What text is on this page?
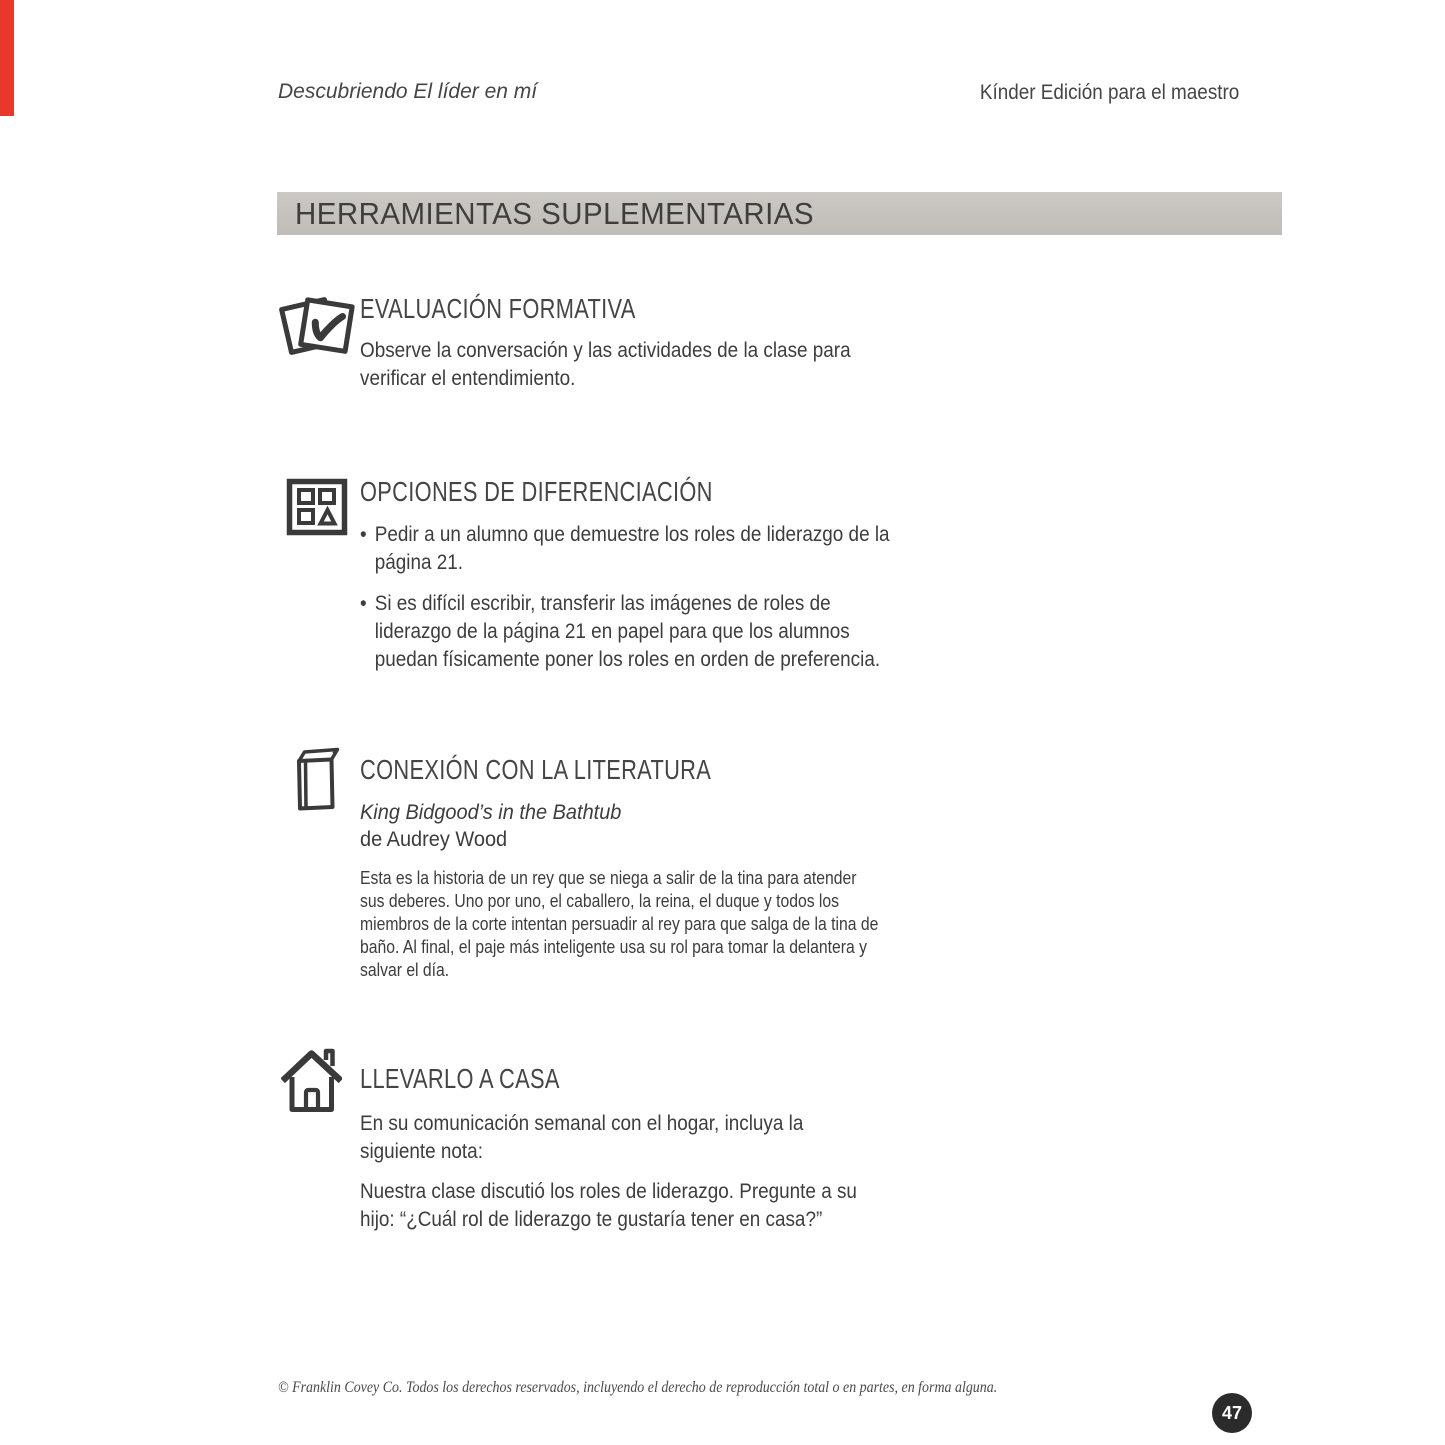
Descubriendo El líder en mí	Kínder Edición para el maestro
HERRAMIENTAS SUPLEMENTARIAS
EVALUACIÓN FORMATIVA
Observe la conversación y las actividades de la clase para
verificar el entendimiento.
OPCIONES DE DIFERENCIACIÓN
• Pedir a un alumno que demuestre los roles de liderazgo de la
página 21.
• Si es difícil escribir, transferir las imágenes de roles de
liderazgo de la página 21 en papel para que los alumnos
puedan físicamente poner los roles en orden de preferencia.
CONEXIÓN CON LA LITERATURA
King Bidgood’s in the Bathtub
de Audrey Wood
Esta es la historia de un rey que se niega a salir de la tina para atender
sus deberes. Uno por uno, el caballero, la reina, el duque y todos los
miembros de la corte intentan persuadir al rey para que salga de la tina de
baño. Al final, el paje más inteligente usa su rol para tomar la delantera y
salvar el día.
LLEVARLO A CASA
En su comunicación semanal con el hogar, incluya la
siguiente nota:
Nuestra clase discutió los roles de liderazgo. Pregunte a su
hijo: “¿Cuál rol de liderazgo te gustaría tener en casa?”
© Franklin Covey Co. Todos los derechos reservados, incluyendo el derecho de reproducción total o en partes, en forma alguna.
47
